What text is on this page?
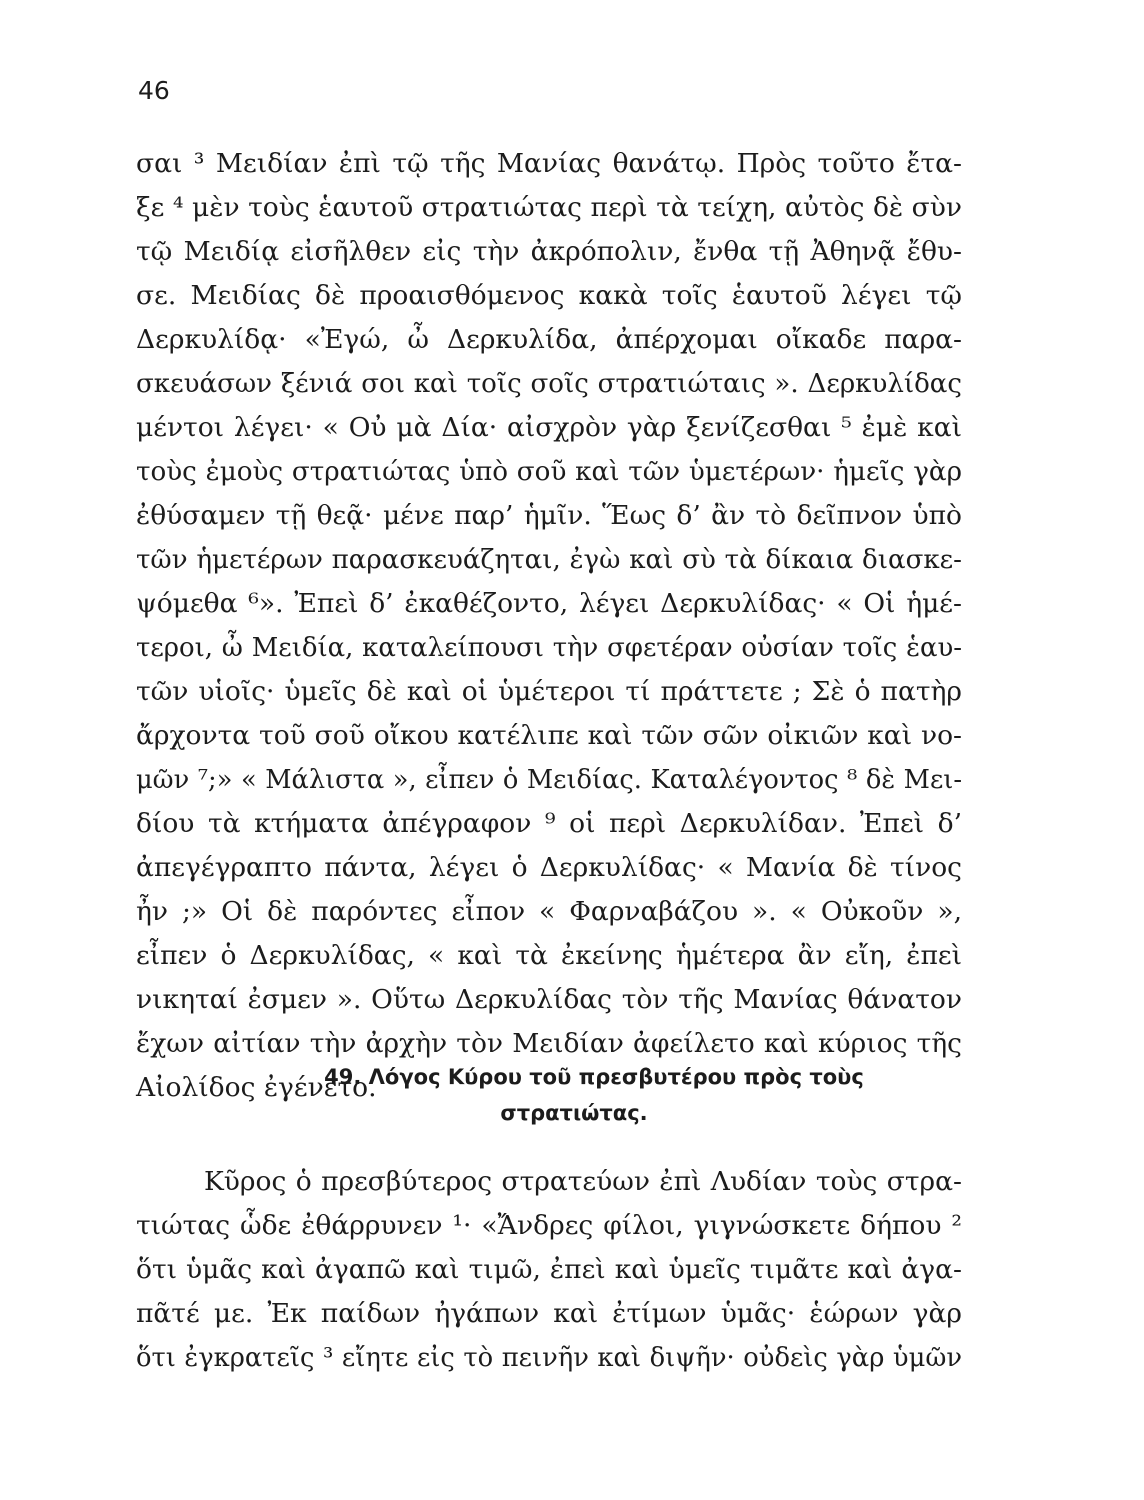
46
σαι ³ Μειδίαν ἐπὶ τῷ τῆς Μανίας θανάτῳ. Πρὸς τοῦτο ἔτα-
ξε ⁴ μὲν τοὺς ἑαυτοῦ στρατιώτας περὶ τὰ τείχη, αὐτὸς δὲ σὺν
τῷ Μειδίᾳ εἰσῆλθεν εἰς τὴν ἀκρόπολιν, ἔνθα τῇ Ἀθηνᾷ ἔθυ-
σε. Μειδίας δὲ προαισθόμενος κακὰ τοῖς ἑαυτοῦ λέγει τῷ
Δερκυλίδᾳ· «Ἐγώ, ὦ Δερκυλίδα, ἀπέρχομαι οἴκαδε παρα-
σκευάσων ξένιά σοι καὶ τοῖς σοῖς στρατιώταις ». Δερκυλίδας
μέντοι λέγει· « Οὐ μὰ Δία· αἰσχρὸν γὰρ ξενίζεσθαι ⁵ ἐμὲ καὶ
τοὺς ἐμοὺς στρατιώτας ὑπὸ σοῦ καὶ τῶν ὑμετέρων· ἡμεῖς γὰρ
ἐθύσαμεν τῇ θεᾷ· μένε παρ’ ἡμῖν. Ἕως δ’ ἂν τὸ δεῖπνον ὑπὸ
τῶν ἡμετέρων παρασκευάζηται, ἐγὼ καὶ σὺ τὰ δίκαια διασκε-
ψόμεθα ⁶». Ἐπεὶ δ’ ἐκαθέζοντο, λέγει Δερκυλίδας· « Οἱ ἡμέ-
τεροι, ὦ Μειδία, καταλείπουσι τὴν σφετέραν οὐσίαν τοῖς ἑαυ-
τῶν υἱοῖς· ὑμεῖς δὲ καὶ οἱ ὑμέτεροι τί πράττετε ; Σὲ ὁ πατὴρ
ἄρχοντα τοῦ σοῦ οἴκου κατέλιπε καὶ τῶν σῶν οἰκιῶν καὶ νο-
μῶν ⁷;» « Μάλιστα », εἶπεν ὁ Μειδίας. Καταλέγοντος ⁸ δὲ Μει-
δίου τὰ κτήματα ἀπέγραφον ⁹ οἱ περὶ Δερκυλίδαν. Ἐπεὶ δ’
ἀπεγέγραπτο πάντα, λέγει ὁ Δερκυλίδας· « Μανία δὲ τίνος
ἦν ;» Οἱ δὲ παρόντες εἶπον « Φαρναβάζου ». « Οὐκοῦν »,
εἶπεν ὁ Δερκυλίδας, « καὶ τὰ ἐκείνης ἡμέτερα ἂν εἴη, ἐπεὶ
νικηταί ἐσμεν ». Οὕτω Δερκυλίδας τὸν τῆς Μανίας θάνατον
ἔχων αἰτίαν τὴν ἀρχὴν τὸν Μειδίαν ἀφείλετο καὶ κύριος τῆς
Αἰολίδος ἐγένετο.
49. Λόγος Κύρου τοῦ πρεσβυτέρου πρὸς τοὺς
στρατιώτας.
Κῦρος ὁ πρεσβύτερος στρατεύων ἐπὶ Λυδίαν τοὺς στρα-
τιώτας ὧδε ἐθάρρυνεν ¹· «Ἄνδρες φίλοι, γιγνώσκετε δήπου ²
ὅτι ὑμᾶς καὶ ἀγαπῶ καὶ τιμῶ, ἐπεὶ καὶ ὑμεῖς τιμᾶτε καὶ ἀγα-
πᾶτέ με. Ἐκ παίδων ἠγάπων καὶ ἐτίμων ὑμᾶς· ἑώρων γὰρ
ὅτι ἐγκρατεῖς ³ εἴητε εἰς τὸ πεινῆν καὶ διψῆν· οὐδεὶς γὰρ ὑμῶν
